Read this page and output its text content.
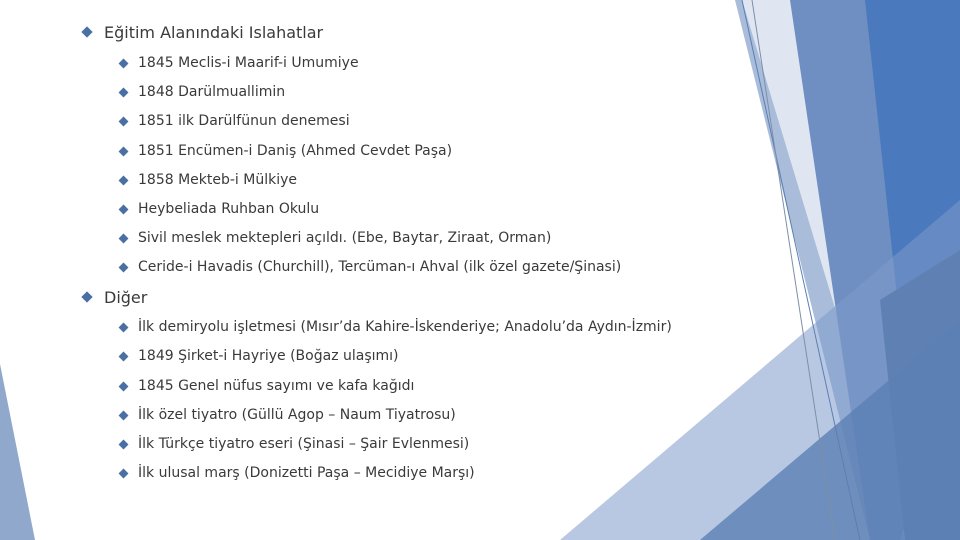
Eğitim Alanındaki Islahatlar
1845 Meclis-i Maarif-i Umumiye
1848 Darülmuallimin
1851 ilk Darülfünun denemesi
1851 Encümen-i Daniş (Ahmed Cevdet Paşa)
1858 Mekteb-i Mülkiye
Heybeliada Ruhban Okulu
Sivil meslek mektepleri açıldı. (Ebe, Baytar, Ziraat, Orman)
Ceride-i Havadis (Churchill), Tercüman-ı Ahval (ilk özel gazete/Şinasi)
Diğer
İlk demiryolu işletmesi (Mısır’da Kahire-İskenderiye; Anadolu’da Aydın-İzmir)
1849 Şirket-i Hayriye (Boğaz ulaşımı)
1845 Genel nüfus sayımı ve kafa kağıdı
İlk özel tiyatro (Güllü Agop – Naum Tiyatrosu)
İlk Türkçe tiyatro eseri (Şinasi – Şair Evlenmesi)
İlk ulusal marş (Donizetti Paşa – Mecidiye Marşı)
